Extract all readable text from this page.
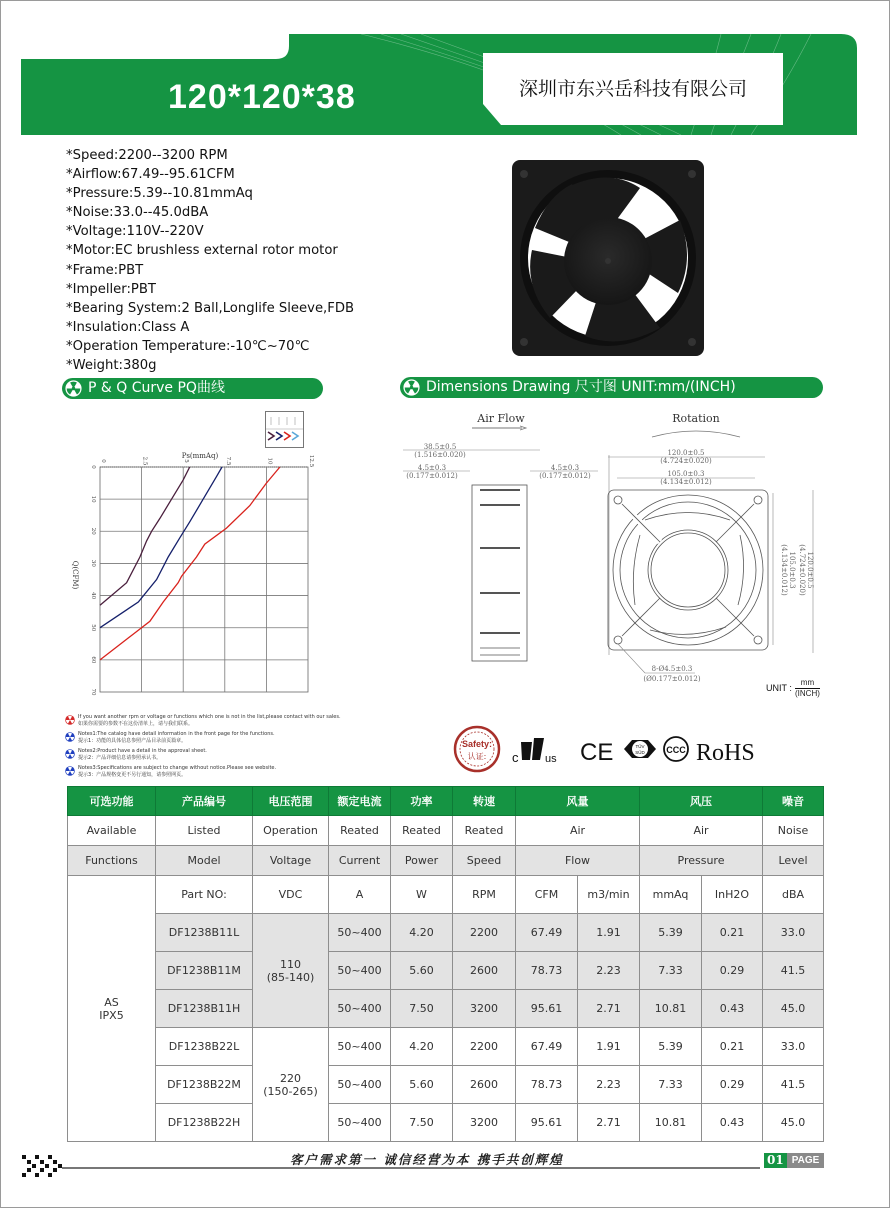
120*120*38	深圳市东兴岳科技有限公司
*Speed:2200--3200 RPM
*Airflow:67.49--95.61CFM
*Pressure:5.39--10.81mmAq
*Noise:33.0--45.0dBA
*Voltage:110V--220V
*Motor:EC brushless external rotor motor
*Frame:PBT
*Impeller:PBT
*Bearing System:2 Ball,Longlife Sleeve,FDB
*Insulation:Class A
*Operation Temperature:-10℃~70℃
*Weight:380g
P & Q Curve PQ曲线	Dimensions Drawing 尺寸图 UNIT:mm/(INCH)
0	2.5	5	7.5	10	12.5
0
10
20
30
40
50
60
70
Ps(mmAq)
Q(CFM)
Air Flow
38.5±0.5
(1.516±0.020)
4.5±0.3
(0.177±0.012)
4.5±0.3
(0.177±0.012)
Rotation
120.0±0.5
(4.724±0.020)
105.0±0.3
(4.134±0.012)
105.0±0.3
(4.134±0.012)	120.0±0.5
(4.724±0.020)
8-Ø4.5±0.3
(Ø0.177±0.012)
UNIT :
mm
(INCH)
If you want another rpm or voltage or functions which one is not in the list,please contact with our sales.
如果你需要的参数不在这份清单上，请与我们联系。
Notes1:The catalog have detail information in the front page for the functions.
提示1：功能的具体信息参照产品目录前页篇章。
Notes2:Product have a detail in the approval sheet.
提示2：产品详细信息请参照承认书。
Notes3:Specifications are subject to change without notice.Please see website.
提示3：产品规格变更不另行通知，请参照网页。
Safety:
认证: c us CE	TÜV
SÜD CCC RoHS
可选功能	产品编号	电压范围	额定电流	功率	转速	风量		风压		噪音
Available	Listed	Operation	Reated	Reated	Reated	Air		Air		Noise
Functions	Model	Voltage	Current	Power	Speed	Flow		Pressure		Level

AS
IPX5	Part NO:	VDC	A	W	RPM	CFM	m3/min	mmAq	InH2O	dBA
	DF1238B11L	110
(85-140)	50~400	4.20	2200	67.49	1.91	5.39	0.21	33.0
	DF1238B11M		50~400	5.60	2600	78.73	2.23	7.33	0.29	41.5
	DF1238B11H		50~400	7.50	3200	95.61	2.71	10.81	0.43	45.0
	DF1238B22L	220
(150-265)	50~400	4.20	2200	67.49	1.91	5.39	0.21	33.0
	DF1238B22M		50~400	5.60	2600	78.73	2.23	7.33	0.29	41.5
	DF1238B22H		50~400	7.50	3200	95.61	2.71	10.81	0.43	45.0
客户需求第一 诚信经营为本 携手共创辉煌	01 PAGE
